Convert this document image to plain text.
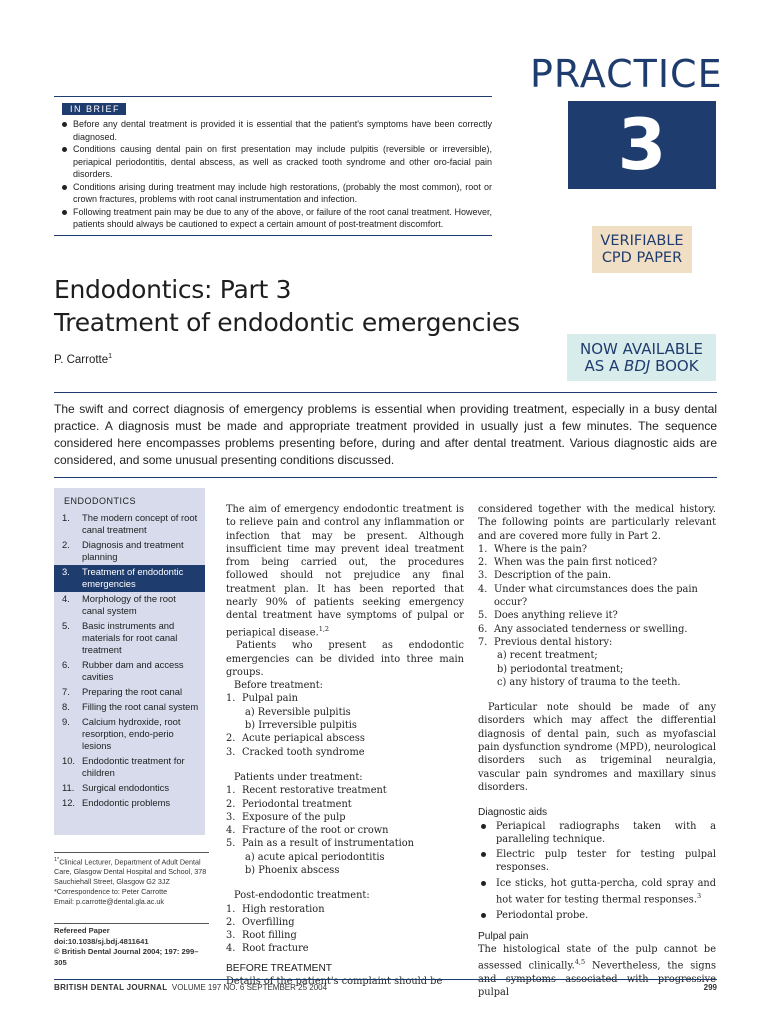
PRACTICE
3
VERIFIABLE
CPD PAPER
NOW AVAILABLE
AS A BDJ BOOK
IN BRIEF
Before any dental treatment is provided it is essential that the patient's symptoms have been correctly diagnosed.
Conditions causing dental pain on first presentation may include pulpitis (reversible or irreversible), periapical periodontitis, dental abscess, as well as cracked tooth syndrome and other oro-facial pain disorders.
Conditions arising during treatment may include high restorations, (probably the most common), root or crown fractures, problems with root canal instrumentation and infection.
Following treatment pain may be due to any of the above, or failure of the root canal treatment. However, patients should always be cautioned to expect a certain amount of post-treatment discomfort.
Endodontics: Part 3
Treatment of endodontic emergencies
P. Carrotte$^1$
The swift and correct diagnosis of emergency problems is essential when providing treatment, especially in a busy dental practice. A diagnosis must be made and appropriate treatment provided in usually just a few minutes. The sequence considered here encompasses problems presenting before, during and after dental treatment. Various diagnostic aids are considered, and some unusual presenting conditions discussed.
ENDODONTICS
1.	The modern concept of root canal treatment
2.	Diagnosis and treatment planning
3.	Treatment of endodontic emergencies
4.	Morphology of the root canal system
5.	Basic instruments and materials for root canal treatment
6.	Rubber dam and access cavities
7.	Preparing the root canal
8.	Filling the root canal system
9.	Calcium hydroxide, root resorption, endo-perio lesions
10. Endodontic treatment for children
11. Surgical endodontics
12. Endodontic problems
$^{1*}$Clinical Lecturer, Department of Adult Dental Care, Glasgow Dental Hospital and School, 378 Sauchiehall Street, Glasgow G2 3JZ
*Correspondence to: Peter Carrotte
Email: p.carrotte@dental.gla.ac.uk
Refereed Paper
doi:10.1038/sj.bdj.4811641
© British Dental Journal 2004; 197: 299–305

The aim of emergency endodontic treatment is to relieve pain and control any inflammation or infection that may be present. Although insufficient time may prevent ideal treatment from being carried out, the procedures followed should not prejudice any final treatment plan. It has been reported that nearly 90% of patients seeking emergency dental treatment have symptoms of pulpal or periapical disease.$^{1,2}$

Patients who present as endodontic emergencies can be divided into three main groups.

Before treatment:
1. Pulpal pain
a) Reversible pulpitis
b) Irreversible pulpitis
2. Acute periapical abscess
3. Cracked tooth syndrome
Patients under treatment:
1. Recent restorative treatment
2. Periodontal treatment
3. Exposure of the pulp
4. Fracture of the root or crown
5. Pain as a result of instrumentation
a) acute apical periodontitis
b) Phoenix abscess
Post-endodontic treatment:
1. High restoration
2. Overfilling
3. Root filling
4. Root fracture
BEFORE TREATMENT

Details of the patient's complaint should be

considered together with the medical history. The following points are particularly relevant and are covered more fully in Part 2.

1. Where is the pain?
2. When was the pain first noticed?
3. Description of the pain.
4. Under what circumstances does the pain occur?
5. Does anything relieve it?
6. Any associated tenderness or swelling.
7. Previous dental history:
a) recent treatment;
b) periodontal treatment;
c) any history of trauma to the teeth.

Particular note should be made of any disorders which may affect the differential diagnosis of dental pain, such as myofascial pain dysfunction syndrome (MPD), neurological disorders such as trigeminal neuralgia, vascular pain syndromes and maxillary sinus disorders.

Diagnostic aids
Periapical radiographs taken with a paralleling technique.
Electric pulp tester for testing pulpal responses.
Ice sticks, hot gutta-percha, cold spray and hot water for testing thermal responses.$^3$
Periodontal probe.
Pulpal pain

The histological state of the pulp cannot be assessed clinically.$^{4,5}$ Nevertheless, the signs and symptoms associated with progressive pulpal

BRITISH DENTAL JOURNAL VOLUME 197 NO. 6 SEPTEMBER 25 2004	299
